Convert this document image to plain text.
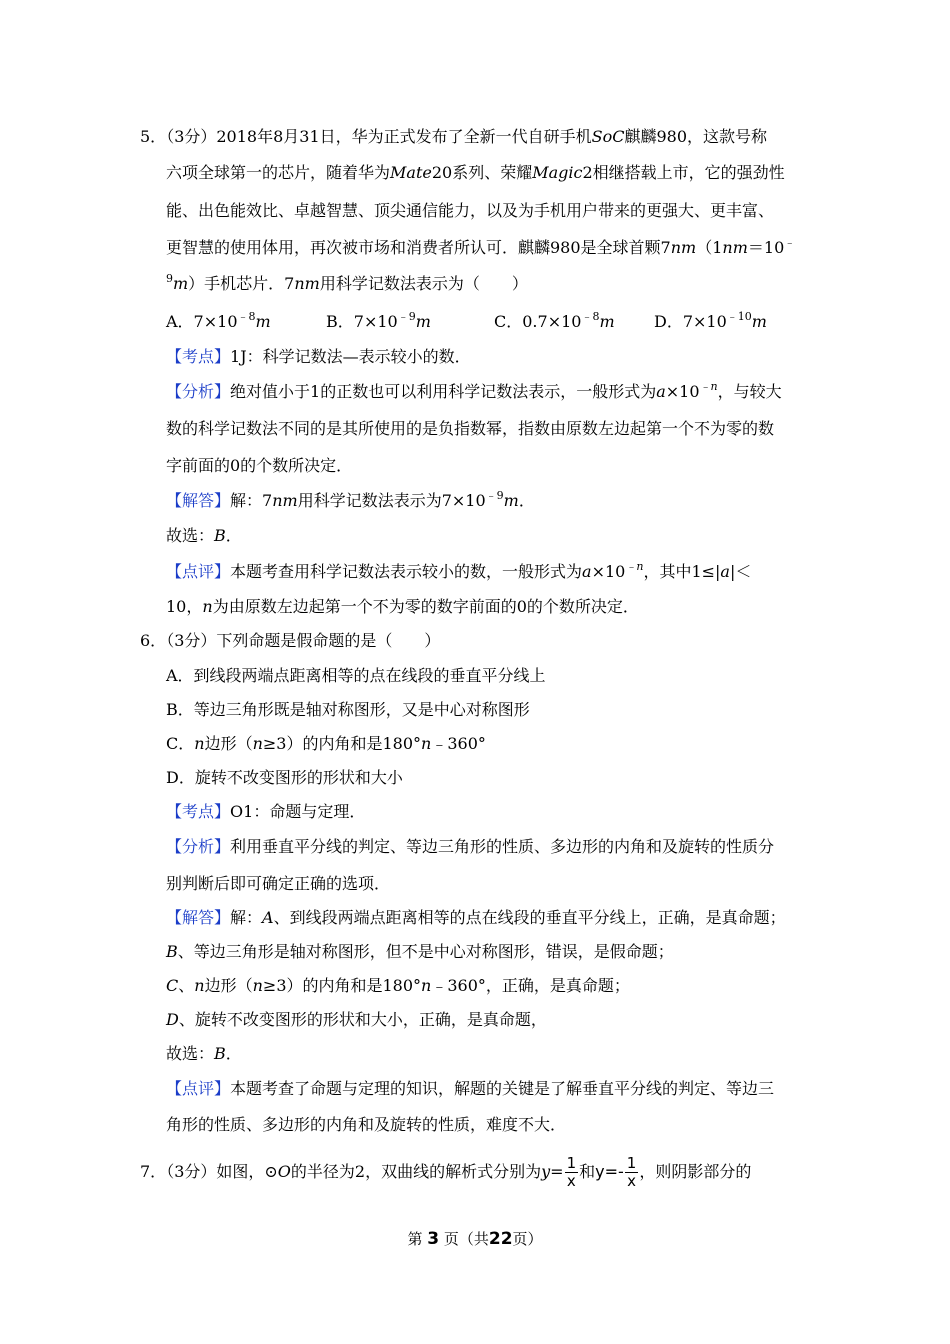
5．（3分）2018年8月31日，华为正式发布了全新一代自研手机SoC麒麟980，这款号称
六项全球第一的芯片，随着华为Mate20系列、荣耀Magic2相继搭载上市，它的强劲性
能、出色能效比、卓越智慧、顶尖通信能力，以及为手机用户带来的更强大、更丰富、
更智慧的使用体用，再次被市场和消费者所认可．麒麟980是全球首颗7nm（1nm＝10﹣
$^9$m）手机芯片．7nm用科学记数法表示为（　　）
A．$7\times 10^{﹣8}m$	B．$7\times 10^{﹣9}m$	C．$0.7\times 10^{﹣8}m$ D．$7\times 10^{﹣10}m$
【考点】1J：科学记数法—表示较小的数．
【分析】绝对值小于1的正数也可以利用科学记数法表示，一般形式为$a\times 10^{﹣n}$，与较大
数的科学记数法不同的是其所使用的是负指数幂，指数由原数左边起第一个不为零的数
字前面的0的个数所决定．
【解答】解：7nm用科学记数法表示为$7\times 10^{﹣9}m$．
故选：B．
【点评】本题考查用科学记数法表示较小的数，一般形式为$a\times 10^{﹣n}$，其中1≤|a|＜
10，n为由原数左边起第一个不为零的数字前面的0的个数所决定．
6．（3分）下列命题是假命题的是（　　）
A．到线段两端点距离相等的点在线段的垂直平分线上
B．等边三角形既是轴对称图形，又是中心对称图形
C．n边形（n≥3）的内角和是180°n﹣360°
D．旋转不改变图形的形状和大小
【考点】O1：命题与定理．
【分析】利用垂直平分线的判定、等边三角形的性质、多边形的内角和及旋转的性质分
别判断后即可确定正确的选项．
【解答】解：A、到线段两端点距离相等的点在线段的垂直平分线上，正确，是真命题；
B、等边三角形是轴对称图形，但不是中心对称图形，错误，是假命题；
C、n边形（n≥3）的内角和是180°n﹣360°，正确，是真命题；
D、旋转不改变图形的形状和大小，正确，是真命题，
故选：B．
【点评】本题考查了命题与定理的知识，解题的关键是了解垂直平分线的判定、等边三
角形的性质、多边形的内角和及旋转的性质，难度不大．
7．（3分）如图，⊙O的半径为2，双曲线的解析式分别为$y= \frac{1}{x}$ 和$y=- \frac{1}{x}$ ，则阴影部分的
第 3 页（共22页）
